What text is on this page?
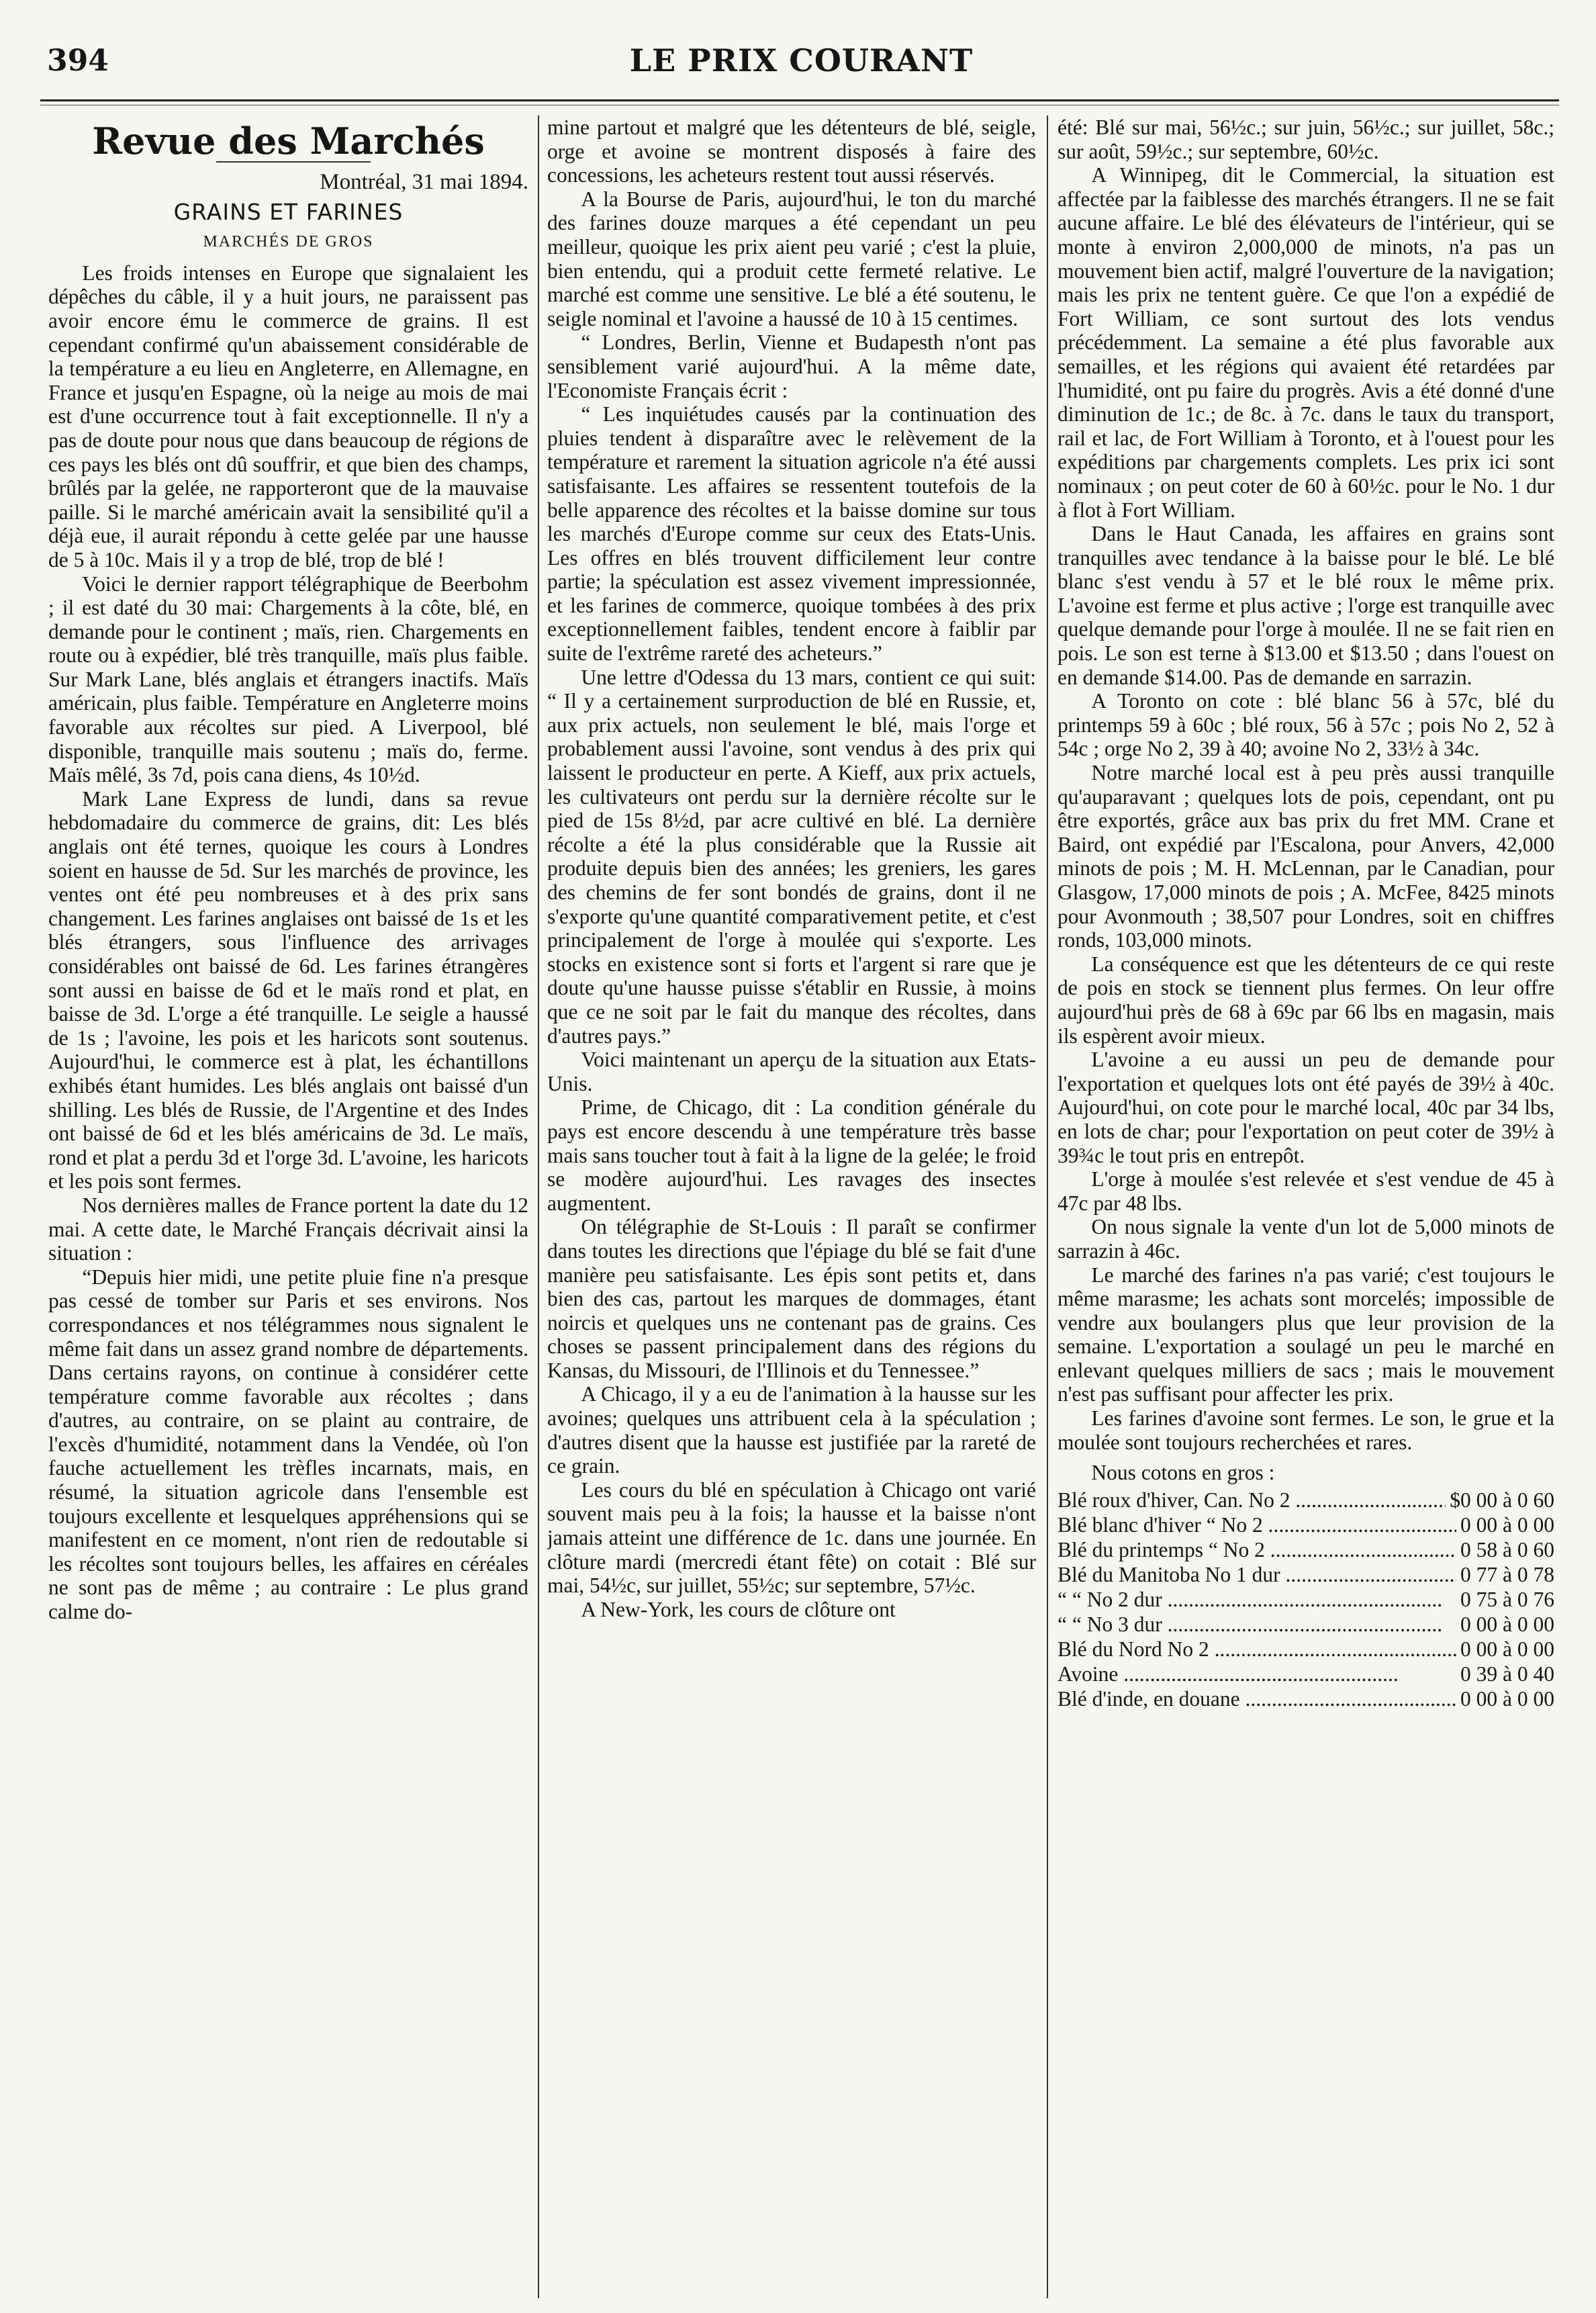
394	LE PRIX COURANT
Revue des Marchés
Montréal, 31 mai 1894.
GRAINS ET FARINES
MARCHÉS DE GROS

Les froids intenses en Europe que signalaient les dépêches du câble, il y a huit jours, ne paraissent pas avoir encore ému le commerce de grains. Il est cependant confirmé qu'un abaissement considérable de la température a eu lieu en Angleterre, en Allemagne, en France et jusqu'en Espagne, où la neige au mois de mai est d'une occurrence tout à fait exceptionnelle. Il n'y a pas de doute pour nous que dans beaucoup de régions de ces pays les blés ont dû souffrir, et que bien des champs, brûlés par la gelée, ne rapporteront que de la mauvaise paille. Si le marché américain avait la sensibilité qu'il a déjà eue, il aurait répondu à cette gelée par une hausse de 5 à 10c. Mais il y a trop de blé, trop de blé !

Voici le dernier rapport télégraphique de Beerbohm ; il est daté du 30 mai: Chargements à la côte, blé, en demande pour le continent ; maïs, rien. Chargements en route ou à expédier, blé très tranquille, maïs plus faible. Sur Mark Lane, blés anglais et étrangers inactifs. Maïs américain, plus faible. Température en Angleterre moins favorable aux récoltes sur pied. A Liverpool, blé disponible, tranquille mais soutenu ; maïs do, ferme. Maïs mêlé, 3s 7d, pois cana diens, 4s 10½d.

Mark Lane Express de lundi, dans sa revue hebdomadaire du commerce de grains, dit: Les blés anglais ont été ternes, quoique les cours à Londres soient en hausse de 5d. Sur les marchés de province, les ventes ont été peu nombreuses et à des prix sans changement. Les farines anglaises ont baissé de 1s et les blés étrangers, sous l'influence des arrivages considérables ont baissé de 6d. Les farines étrangères sont aussi en baisse de 6d et le maïs rond et plat, en baisse de 3d. L'orge a été tranquille. Le seigle a haussé de 1s ; l'avoine, les pois et les haricots sont soutenus. Aujourd'hui, le commerce est à plat, les échantillons exhibés étant humides. Les blés anglais ont baissé d'un shilling. Les blés de Russie, de l'Argentine et des Indes ont baissé de 6d et les blés américains de 3d. Le maïs, rond et plat a perdu 3d et l'orge 3d. L'avoine, les haricots et les pois sont fermes.

Nos dernières malles de France portent la date du 12 mai. A cette date, le Marché Français décrivait ainsi la situation :

“Depuis hier midi, une petite pluie fine n'a presque pas cessé de tomber sur Paris et ses environs. Nos correspondances et nos télégrammes nous signalent le même fait dans un assez grand nombre de départements. Dans certains rayons, on continue à considérer cette température comme favorable aux récoltes ; dans d'autres, au contraire, on se plaint au contraire, de l'excès d'humidité, notamment dans la Vendée, où l'on fauche actuellement les trèfles incarnats, mais, en résumé, la situation agricole dans l'ensemble est toujours excellente et lesquelques appréhensions qui se manifestent en ce moment, n'ont rien de redoutable si les récoltes sont toujours belles, les affaires en céréales ne sont pas de même ; au contraire : Le plus grand calme do-

mine partout et malgré que les détenteurs de blé, seigle, orge et avoine se montrent disposés à faire des concessions, les acheteurs restent tout aussi réservés.

A la Bourse de Paris, aujourd'hui, le ton du marché des farines douze marques a été cependant un peu meilleur, quoique les prix aient peu varié ; c'est la pluie, bien entendu, qui a produit cette fermeté relative. Le marché est comme une sensitive. Le blé a été soutenu, le seigle nominal et l'avoine a haussé de 10 à 15 centimes.

“ Londres, Berlin, Vienne et Budapesth n'ont pas sensiblement varié aujourd'hui. A la même date, l'Economiste Français écrit :

“ Les inquiétudes causés par la continuation des pluies tendent à disparaître avec le relèvement de la température et rarement la situation agricole n'a été aussi satisfaisante. Les affaires se ressentent toutefois de la belle apparence des récoltes et la baisse domine sur tous les marchés d'Europe comme sur ceux des Etats-Unis. Les offres en blés trouvent difficilement leur contre partie; la spéculation est assez vivement impressionnée, et les farines de commerce, quoique tombées à des prix exceptionnellement faibles, tendent encore à faiblir par suite de l'extrême rareté des acheteurs.”

Une lettre d'Odessa du 13 mars, contient ce qui suit: “ Il y a certainement surproduction de blé en Russie, et, aux prix actuels, non seulement le blé, mais l'orge et probablement aussi l'avoine, sont vendus à des prix qui laissent le producteur en perte. A Kieff, aux prix actuels, les cultivateurs ont perdu sur la dernière récolte sur le pied de 15s 8½d, par acre cultivé en blé. La dernière récolte a été la plus considérable que la Russie ait produite depuis bien des années; les greniers, les gares des chemins de fer sont bondés de grains, dont il ne s'exporte qu'une quantité comparativement petite, et c'est principalement de l'orge à moulée qui s'exporte. Les stocks en existence sont si forts et l'argent si rare que je doute qu'une hausse puisse s'établir en Russie, à moins que ce ne soit par le fait du manque des récoltes, dans d'autres pays.”

Voici maintenant un aperçu de la situation aux Etats-Unis.

Prime, de Chicago, dit : La condition générale du pays est encore descendu à une température très basse mais sans toucher tout à fait à la ligne de la gelée; le froid se modère aujourd'hui. Les ravages des insectes augmentent.

On télégraphie de St-Louis : Il paraît se confirmer dans toutes les directions que l'épiage du blé se fait d'une manière peu satisfaisante. Les épis sont petits et, dans bien des cas, partout les marques de dommages, étant noircis et quelques uns ne contenant pas de grains. Ces choses se passent principalement dans des régions du Kansas, du Missouri, de l'Illinois et du Tennessee.”

A Chicago, il y a eu de l'animation à la hausse sur les avoines; quelques uns attribuent cela à la spéculation ; d'autres disent que la hausse est justifiée par la rareté de ce grain.

Les cours du blé en spéculation à Chicago ont varié souvent mais peu à la fois; la hausse et la baisse n'ont jamais atteint une différence de 1c. dans une journée. En clôture mardi (mercredi étant fête) on cotait : Blé sur mai, 54½c, sur juillet, 55½c; sur septembre, 57½c.

A New-York, les cours de clôture ont

été: Blé sur mai, 56½c.; sur juin, 56½c.; sur juillet, 58c.; sur août, 59½c.; sur septembre, 60½c.

A Winnipeg, dit le Commercial, la situation est affectée par la faiblesse des marchés étrangers. Il ne se fait aucune affaire. Le blé des élévateurs de l'intérieur, qui se monte à environ 2,000,000 de minots, n'a pas un mouvement bien actif, malgré l'ouverture de la navigation; mais les prix ne tentent guère. Ce que l'on a expédié de Fort William, ce sont surtout des lots vendus précédemment. La semaine a été plus favorable aux semailles, et les régions qui avaient été retardées par l'humidité, ont pu faire du progrès. Avis a été donné d'une diminution de 1c.; de 8c. à 7c. dans le taux du transport, rail et lac, de Fort William à Toronto, et à l'ouest pour les expéditions par chargements complets. Les prix ici sont nominaux ; on peut coter de 60 à 60½c. pour le No. 1 dur à flot à Fort William.

Dans le Haut Canada, les affaires en grains sont tranquilles avec tendance à la baisse pour le blé. Le blé blanc s'est vendu à 57 et le blé roux le même prix. L'avoine est ferme et plus active ; l'orge est tranquille avec quelque demande pour l'orge à moulée. Il ne se fait rien en pois. Le son est terne à $13.00 et $13.50 ; dans l'ouest on en demande $14.00. Pas de demande en sarrazin.

A Toronto on cote : blé blanc 56 à 57c, blé du printemps 59 à 60c ; blé roux, 56 à 57c ; pois No 2, 52 à 54c ; orge No 2, 39 à 40; avoine No 2, 33½ à 34c.

Notre marché local est à peu près aussi tranquille qu'auparavant ; quelques lots de pois, cependant, ont pu être exportés, grâce aux bas prix du fret MM. Crane et Baird, ont expédié par l'Escalona, pour Anvers, 42,000 minots de pois ; M. H. McLennan, par le Canadian, pour Glasgow, 17,000 minots de pois ; A. McFee, 8425 minots pour Avonmouth ; 38,507 pour Londres, soit en chiffres ronds, 103,000 minots.

La conséquence est que les détenteurs de ce qui reste de pois en stock se tiennent plus fermes. On leur offre aujourd'hui près de 68 à 69c par 66 lbs en magasin, mais ils espèrent avoir mieux.

L'avoine a eu aussi un peu de demande pour l'exportation et quelques lots ont été payés de 39½ à 40c. Aujourd'hui, on cote pour le marché local, 40c par 34 lbs, en lots de char; pour l'exportation on peut coter de 39½ à 39¾c le tout pris en entrepôt.

L'orge à moulée s'est relevée et s'est vendue de 45 à 47c par 48 lbs.

On nous signale la vente d'un lot de 5,000 minots de sarrazin à 46c.

Le marché des farines n'a pas varié; c'est toujours le même marasme; les achats sont morcelés; impossible de vendre aux boulangers plus que leur provision de la semaine. L'exportation a soulagé un peu le marché en enlevant quelques milliers de sacs ; mais le mouvement n'est pas suffisant pour affecter les prix.

Les farines d'avoine sont fermes. Le son, le grue et la moulée sont toujours recherchées et rares.

Nous cotons en gros :
Blé roux d'hiver, Can. No 2 .....	$0 00 à 0 60
Blé blanc d'hiver “ No 2 .....	0 00 à 0 00
Blé du printemps “ No 2 .....	0 58 à 0 60
Blé du Manitoba No 1 dur .....	0 77 à 0 78
“ “ No 2 dur .....	0 75 à 0 76
“ “ No 3 dur .....	0 00 à 0 00
Blé du Nord No 2 .....	0 00 à 0 00
Avoine .....	0 39 à 0 40
Blé d'inde, en douane .....	0 00 à 0 00
